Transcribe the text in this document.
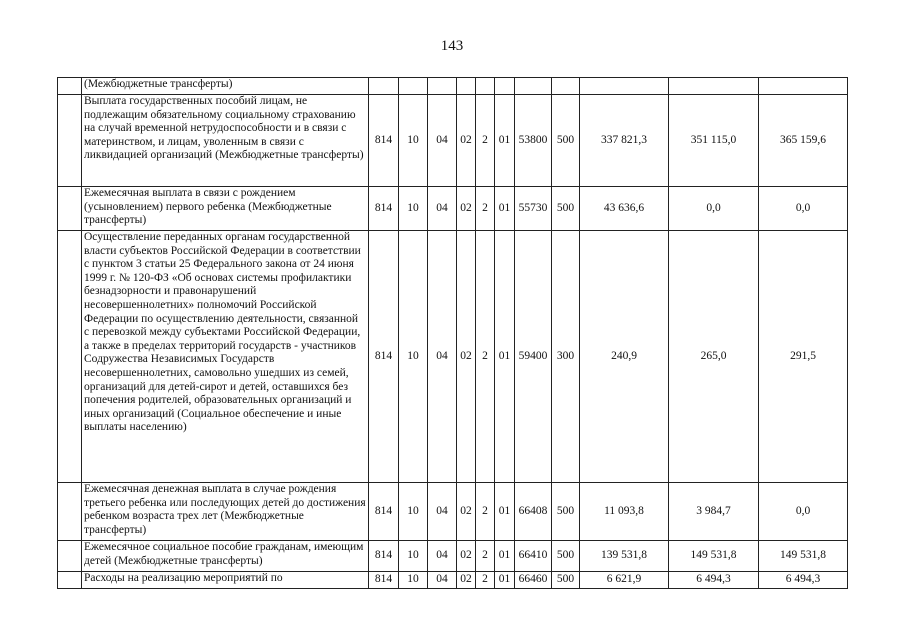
143
	(Межбюджетные трансферты)											
	Выплата государственных пособий лицам, не подлежащим обязательному социальному страхованию на случай временной нетрудоспособности и в связи с материнством, и лицам, уволенным в связи с ликвидацией организаций (Межбюджетные трансферты)	814	10	04	02	2	01	53800	500	337 821,3	351 115,0	365 159,6
	Ежемесячная выплата в связи с рождением (усыновлением) первого ребенка (Межбюджетные трансферты)	814	10	04	02	2	01	55730	500	43 636,6	0,0	0,0
	Осуществление переданных органам государственной власти субъектов Российской Федерации в соответствии с пунктом 3 статьи 25 Федерального закона от 24 июня 1999 г. № 120-ФЗ «Об основах системы профилактики безнадзорности и правонарушений несовершеннолетних» полномочий Российской Федерации по осуществлению деятельности, связанной с перевозкой между субъектами Российской Федерации, а также в пределах территорий государств - участников Содружества Независимых Государств несовершеннолетних, самовольно ушедших из семей, организаций для детей-сирот и детей, оставшихся без попечения родителей, образовательных организаций и иных организаций (Социальное обеспечение и иные выплаты населению)	814	10	04	02	2	01	59400	300	240,9	265,0	291,5
	Ежемесячная денежная выплата в случае рождения третьего ребенка или последующих детей до достижения ребенком возраста трех лет (Межбюджетные трансферты)	814	10	04	02	2	01	66408	500	11 093,8	3 984,7	0,0
	Ежемесячное социальное пособие гражданам, имеющим детей (Межбюджетные трансферты)	814	10	04	02	2	01	66410	500	139 531,8	149 531,8	149 531,8
	Расходы на реализацию мероприятий по	814	10	04	02	2	01	66460	500	6 621,9	6 494,3	6 494,3
